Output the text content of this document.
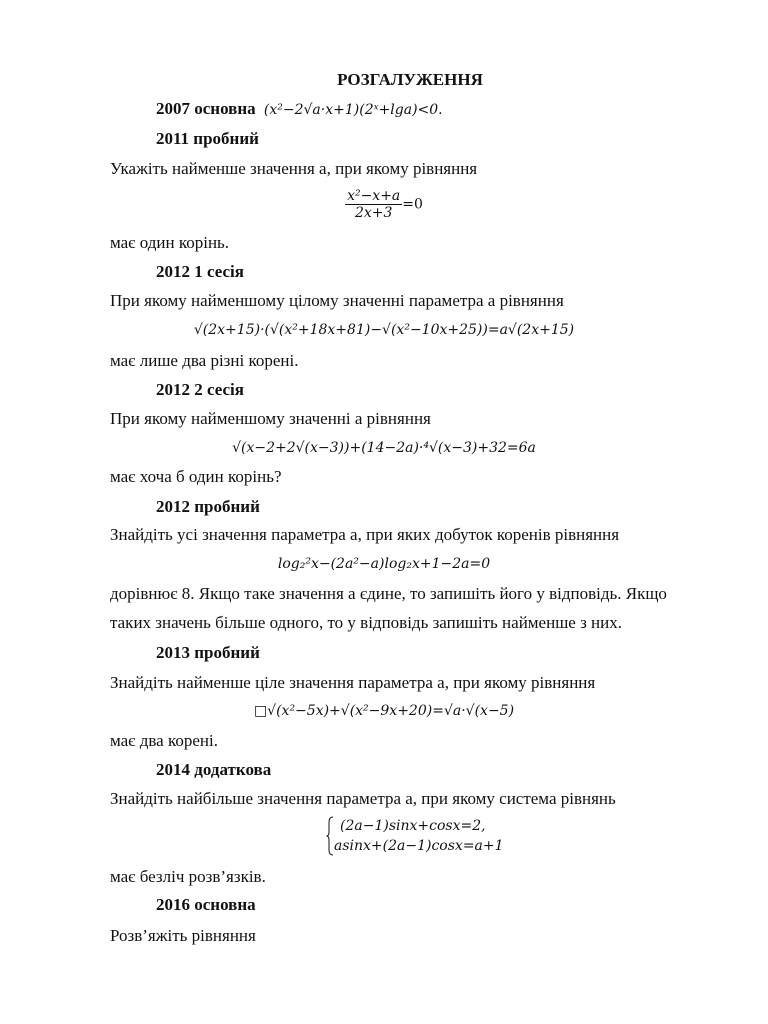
РОЗГАЛУЖЕННЯ
2007 основна (x²−2√a·x+1)(2ˣ+lga)<0.
2011 пробний
Укажіть найменше значення a, при якому рівняння
$\frac{\text{x²−x+a}}{2x+3} =0$
має один корінь.
2012 1 сесія
При якому найменшому цілому значенні параметра a рівняння
√(2x+15)·(√(x²+18x+81)−√(x²−10x+25))=a√(2x+15)
має лише два різні корені.
2012 2 сесія
При якому найменшому значенні a рівняння
√(x−2+2√(x−3))+(14−2a)·⁴√(x−3)+32=6a
має хоча б один корінь?
2012 пробний
Знайдіть усі значення параметра a, при яких добуток коренів рівняння
log₂²x−(2a²−a)log₂x+1−2a=0
дорівнює 8. Якщо таке значення a єдине, то запишіть його у відповідь. Якщо
таких значень більше одного, то у відповідь запишіть найменше з них.
2013 пробний
Знайдіть найменше ціле значення параметра a, при якому рівняння
□√(x²−5x)+√(x²−9x+20)=√a·√(x−5)
має два корені.
2014 додаткова
Знайдіть найбільше значення параметра a, при якому система рівнянь
(2a−1)sinx+cosx=2,
asinx+(2a−1)cosx=a+1
має безліч розв’язків.
2016 основна
Розв’яжіть рівняння
